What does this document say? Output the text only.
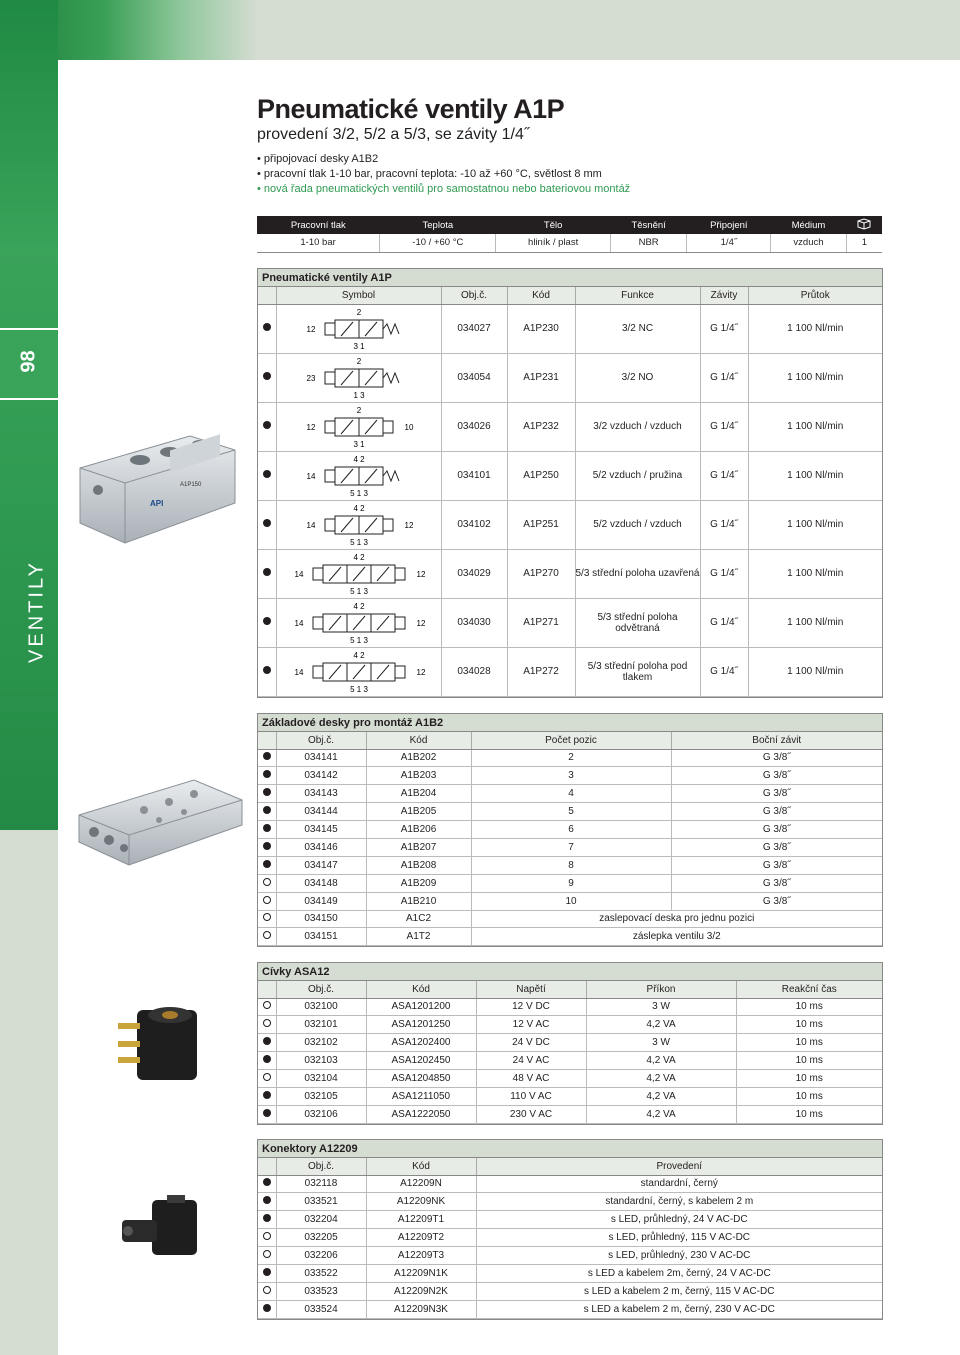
98
VENTILY
Pneumatické ventily A1P
provedení 3/2, 5/2 a 5/3, se závity 1/4˝
• připojovací desky A1B2
• pracovní tlak 1-10 bar, pracovní teplota: -10 až +60 °C, světlost 8 mm
• nová řada pneumatických ventilů pro samostatnou nebo bateriovou montáž
Pracovní tlak	Teplota	Tělo	Těsnění	Připojení	Médium	
1-10 bar	-10 / +60 °C	hliník / plast	NBR	1/4˝	vzduch	1
Pneumatické ventily A1P
	Symbol	Obj.č.	Kód	Funkce	Závity	Průtok

2
3 1
12	034027	A1P230	3/2 NC	G 1/4˝	1 100 Nl/min

2
1 3
23	034054	A1P231	3/2 NO	G 1/4˝	1 100 Nl/min

2
3 1
12 10	034026	A1P232	3/2 vzduch / vzduch	G 1/4˝	1 100 Nl/min

4 2
5 1 3
14	034101	A1P250	5/2 vzduch / pružina	G 1/4˝	1 100 Nl/min

4 2
5 1 3
14 12	034102	A1P251	5/2 vzduch / vzduch	G 1/4˝	1 100 Nl/min

4 2
5 1 3
14 12	034029	A1P270	5/3 střední poloha uzavřená	G 1/4˝	1 100 Nl/min

4 2
5 1 3
14 12	034030	A1P271	5/3 střední poloha odvětraná	G 1/4˝	1 100 Nl/min

4 2
5 1 3
14 12	034028	A1P272	5/3 střední poloha pod tlakem	G 1/4˝	1 100 Nl/min
Základové desky pro montáž A1B2
	Obj.č.	Kód	Počet pozic	Boční závit
	034141	A1B202	2	G 3/8˝
	034142	A1B203	3	G 3/8˝
	034143	A1B204	4	G 3/8˝
	034144	A1B205	5	G 3/8˝
	034145	A1B206	6	G 3/8˝
	034146	A1B207	7	G 3/8˝
	034147	A1B208	8	G 3/8˝
	034148	A1B209	9	G 3/8˝
	034149	A1B210	10	G 3/8˝
	034150	A1C2	zaslepovací deska pro jednu pozici	
	034151	A1T2	záslepka ventilu 3/2	
Cívky ASA12
	Obj.č.	Kód	Napětí	Příkon	Reakční čas
	032100	ASA1201200	12 V DC	3 W	10 ms
	032101	ASA1201250	12 V AC	4,2 VA	10 ms
	032102	ASA1202400	24 V DC	3 W	10 ms
	032103	ASA1202450	24 V AC	4,2 VA	10 ms
	032104	ASA1204850	48 V AC	4,2 VA	10 ms
	032105	ASA1211050	110 V AC	4,2 VA	10 ms
	032106	ASA1222050	230 V AC	4,2 VA	10 ms
Konektory A12209
	Obj.č.	Kód	Provedení
	032118	A12209N	standardní, černý
	033521	A12209NK	standardní, černý, s kabelem 2 m
	032204	A12209T1	s LED, průhledný, 24 V AC-DC
	032205	A12209T2	s LED, průhledný, 115 V AC-DC
	032206	A12209T3	s LED, průhledný, 230 V AC-DC
	033522	A12209N1K	s LED a kabelem 2m, černý, 24 V AC-DC
	033523	A12209N2K	s LED a kabelem 2 m, černý, 115 V AC-DC
	033524	A12209N3K	s LED a kabelem 2 m, černý, 230 V AC-DC
API
A1P150
